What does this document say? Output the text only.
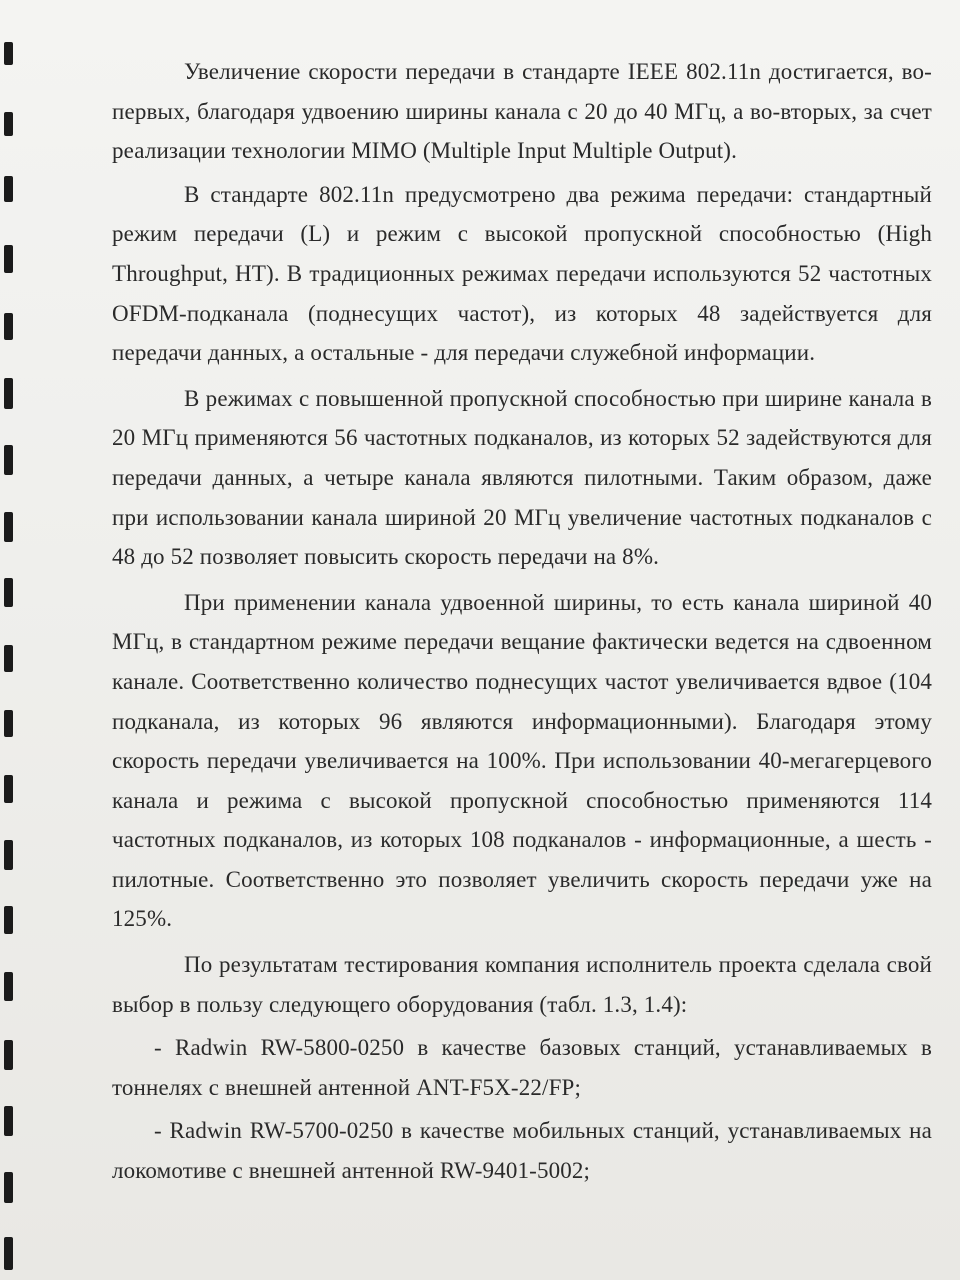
Увеличение скорости передачи в стандарте IEEE 802.11n достигается, во-первых, благодаря удвоению ширины канала с 20 до 40 МГц, а во-вторых, за счет реализации технологии MIMO (Multiple Input Multiple Output).

В стандарте 802.11n предусмотрено два режима передачи: стандартный режим передачи (L) и режим с высокой пропускной способностью (High Throughput, HT). В традиционных режимах передачи используются 52 частотных OFDM-подканала (поднесущих частот), из которых 48 задействуется для передачи данных, а остальные - для передачи служебной информации.

В режимах с повышенной пропускной способностью при ширине канала в 20 МГц применяются 56 частотных подканалов, из которых 52 задействуются для передачи данных, а четыре канала являются пилотными. Таким образом, даже при использовании канала шириной 20 МГц увеличение частотных подканалов с 48 до 52 позволяет повысить скорость передачи на 8%.

При применении канала удвоенной ширины, то есть канала шириной 40 МГц, в стандартном режиме передачи вещание фактически ведется на сдвоенном канале. Соответственно количество поднесущих частот увеличивается вдвое (104 подканала, из которых 96 являются информационными). Благодаря этому скорость передачи увеличивается на 100%. При использовании 40-мегагерцевого канала и режима с высокой пропускной способностью применяются 114 частотных подканалов, из которых 108 подканалов - информационные, а шесть - пилотные. Соответственно это позволяет увеличить скорость передачи уже на 125%.

По результатам тестирования компания исполнитель проекта сделала свой выбор в пользу следующего оборудования (табл. 1.3, 1.4):

- Radwin RW-5800-0250 в качестве базовых станций, устанавливаемых в тоннелях с внешней антенной ANT-F5X-22/FP;

- Radwin RW-5700-0250 в качестве мобильных станций, устанавливаемых на локомотиве с внешней антенной RW-9401-5002;
